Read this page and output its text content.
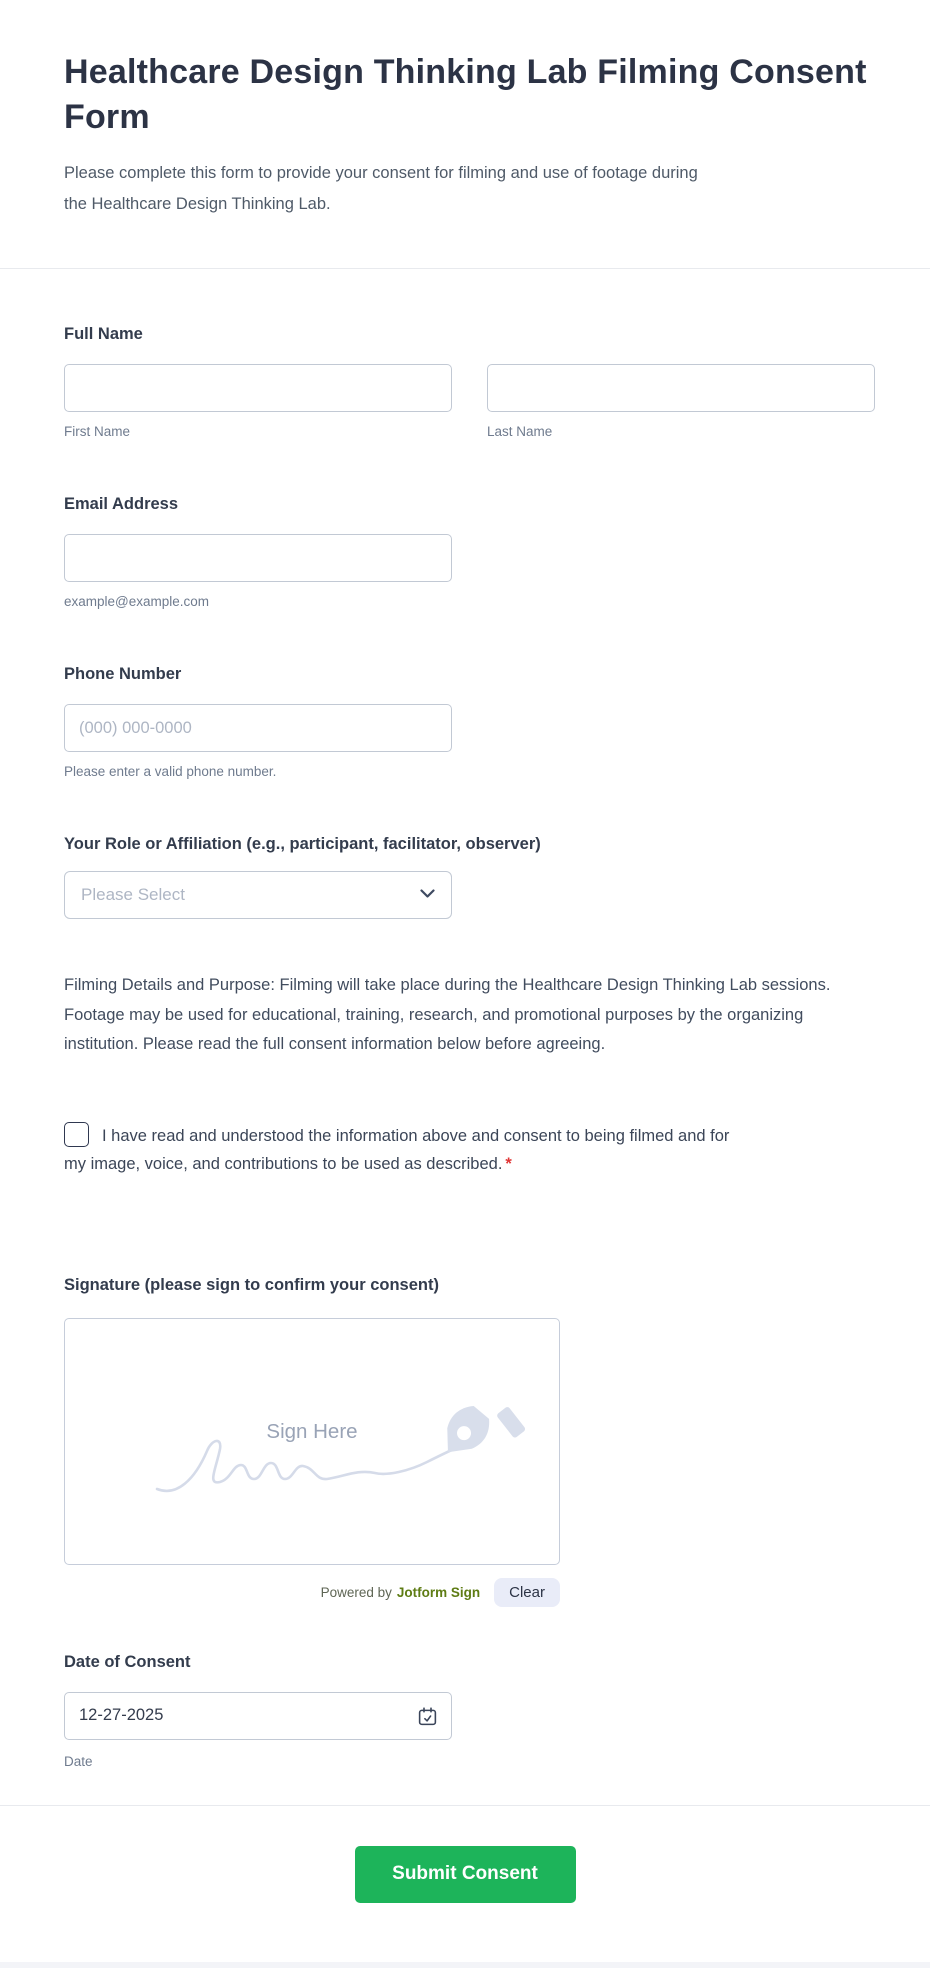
Healthcare Design Thinking Lab Filming Consent Form

Please complete this form to provide your consent for filming and use of footage during the Healthcare Design Thinking Lab.

Full Name
First Name	Last Name
Email Address
example@example.com
Phone Number
(000) 000-0000
Please enter a valid phone number.
Your Role or Affiliation (e.g., participant, facilitator, observer)
Please Select

Filming Details and Purpose: Filming will take place during the Healthcare Design Thinking Lab sessions. Footage may be used for educational, training, research, and promotional purposes by the organizing institution. Please read the full consent information below before agreeing.

I have read and understood the information above and consent to being filmed and for my image, voice, and contributions to be used as described. *
Signature (please sign to confirm your consent)
Sign Here
Powered by Jotform Sign	Clear
Date of Consent
12-27-2025
Date
Submit Consent
